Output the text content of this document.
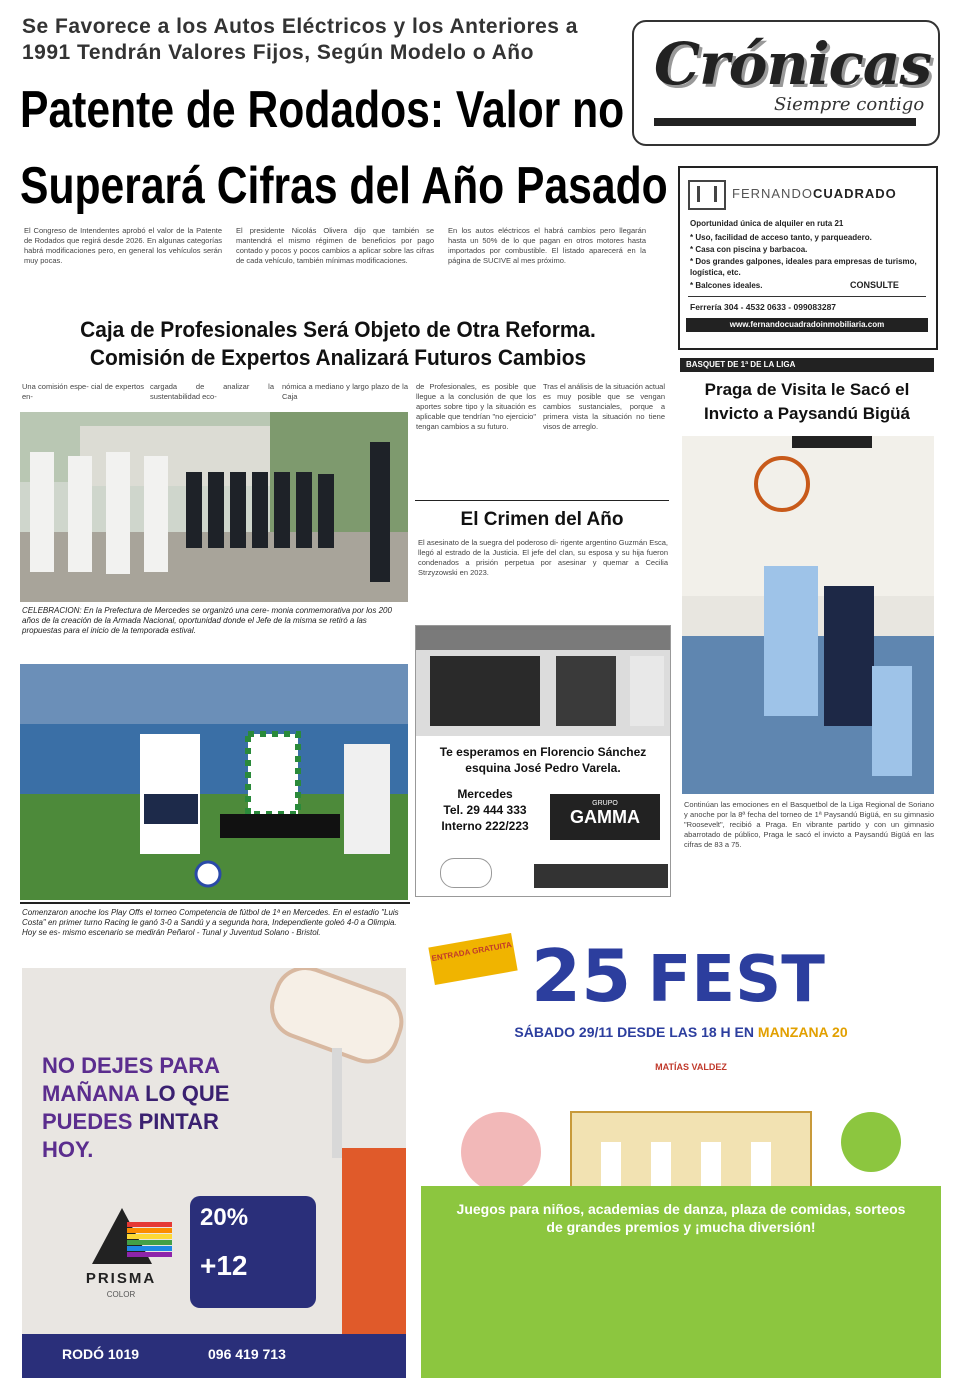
Se Favorece a los Autos Eléctricos y los Anteriores a 1991 Tendrán Valores Fijos, Según Modelo o Año
Patente de Rodados: Valor no
Superará Cifras del Año Pasado
Crónicas
Siempre contigo
El Congreso de Intendentes aprobó el valor de la Patente de Rodados que regirá desde 2026. En algunas categorías habrá modificaciones pero, en general los vehículos serán muy pocas.
El presidente Nicolás Olivera dijo que también se mantendrá el mismo régimen de beneficios por pago contado y pocos y pocos cambios a aplicar sobre las cifras de cada vehículo, también mínimas modificaciones.
En los autos eléctricos el habrá cambios pero llegarán hasta un 50% de lo que pagan en otros motores hasta importados por combustible. El listado aparecerá en la página de SUCIVE al mes próximo.
FERNANDOCUADRADO
Oportunidad única de alquiler en ruta 21
* Uso, facilidad de acceso tanto, y parqueadero.
* Casa con piscina y barbacoa.
* Dos grandes galpones, ideales para empresas de turismo, logística, etc.
* Balcones ideales.	CONSULTE
Ferrería 304 - 4532 0633 - 099083287
www.fernandocuadradoinmobiliaria.com
Caja de Profesionales Será Objeto de Otra Reforma.
Comisión de Expertos Analizará Futuros Cambios
Una comisión espe- cial de expertos en-
cargada de analizar la sustentabilidad eco-
nómica a mediano y largo plazo de la Caja
de Profesionales, es posible que llegue a la conclusión de que los aportes sobre tipo y la situación es aplicable que tendrían "no ejercicio" tengan cambios a su futuro.
Tras el análisis de la situación actual es muy posible que se vengan cambios sustanciales, porque a primera vista la situación no tiene visos de arreglo.
CELEBRACION: En la Prefectura de Mercedes se organizó una cere- monia conmemorativa por los 200 años de la creación de la Armada Nacional, oportunidad donde el Jefe de la misma se retiró a las propuestas para el inicio de la temporada estival.
Comenzaron anoche los Play Offs el torneo Competencia de fútbol de 1ª en Mercedes. En el estadio "Luis Costa" en primer turno Racing le ganó 3-0 a Sandú y a segunda hora, Independiente goleó 4-0 a Olimpia. Hoy se es- mismo escenario se medirán Peñarol - Tunal y Juventud Solano - Bristol.
El Crimen del Año
El asesinato de la suegra del poderoso di- rigente argentino Guzmán Esca, llegó al estrado de la Justicia. El jefe del clan, su esposa y su hija fueron condenados a prisión perpetua por asesinar y quemar a Cecilia Strzyzowski en 2023.
Te esperamos en Florencio Sánchez
esquina José Pedro Varela.
Mercedes
Tel. 29 444 333
Interno 222/223
GRUPO
GAMMA
BASQUET DE 1ª DE LA LIGA
Praga de Visita le Sacó el
Invicto a Paysandú Bigüá
Continúan las emociones en el Basquetbol de la Liga Regional de Soriano y anoche por la 8ª fecha del torneo de 1ª Paysandú Bigüá, en su gimnasio "Roosevelt", recibió a Praga. En vibrante partido y con un gimnasio abarrotado de público, Praga le sacó el invicto a Paysandú Bigüá en las cifras de 83 a 75.
NO DEJES PARA
MAÑANA LO QUE
PUEDES PINTAR
HOY.
PRISMA
COLOR
20%
+12
RODÓ 1019	096 419 713
ENTRADA GRATUITA 25 FEST
SÁBADO 29/11 DESDE LAS 18 H EN MANZANA 20
MATÍAS VALDEZ
Juegos para niños, academias de danza, plaza de comidas, sorteos de grandes premios y ¡mucha diversión!
